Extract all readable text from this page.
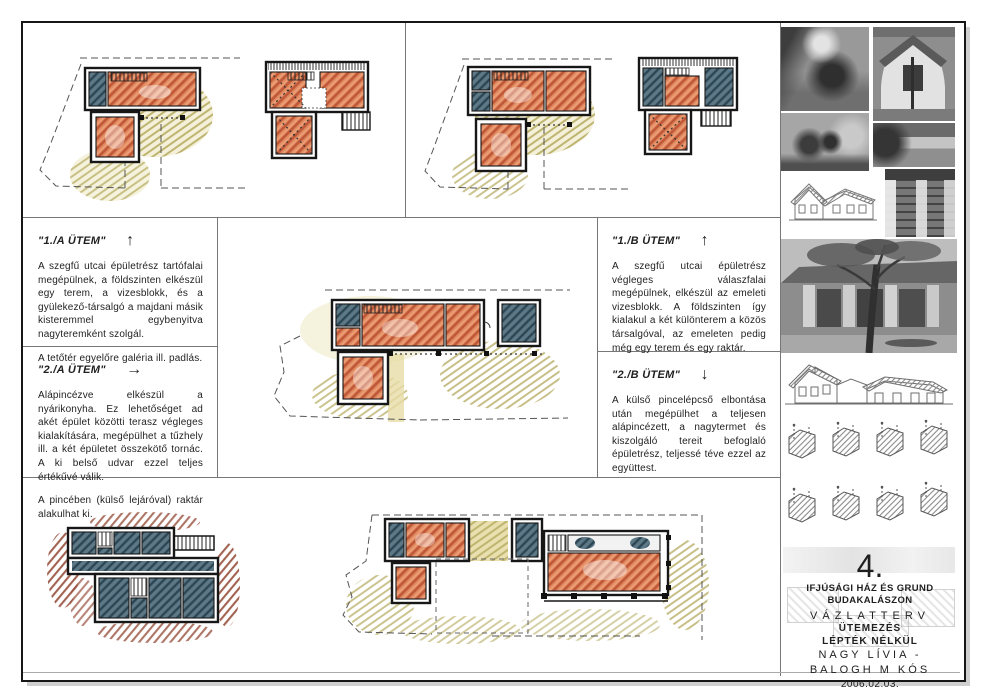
"1./A ÜTEM" ↑

A szegfű utcai épületrész tartófalai megépülnek, a földszinten elkészül egy terem, a vizesblokk, és a gyülekező-társalgó a majdani másik kisteremmel egybenyitva nagyteremként szolgál.

A tetőtér egyelőre galéria ill. padlás.

"2./A ÜTEM" →

Alápincézve elkészül a nyárikonyha. Ez lehetőséget ad akét épület közötti terasz végleges kialakítására, megépülhet a tűzhely ill. a két épületet összekötő tornác. A ki belső udvar ezzel teljes értékűvé válik.

A pincében (külső lejáróval) raktár alakulhat ki.

"1./B ÜTEM" ↑

A szegfű utcai épületrész végleges válaszfalai megépülnek, elkészül az emeleti vizesblokk. A földszinten így kialakul a két különterem a közös társalgóval, az emeleten pedig még egy terem és egy raktár.

"2./B ÜTEM" ↓

A külső pincelépcső elbontása után megépülhet a teljesen alápincézett, a nagytermet és kiszolgáló tereit befoglaló épületrész, teljessé téve ezzel az együttest.

4.
IFJÚSÁGI HÁZ ÉS GRUND
BUDAKALÁSZON
VÁZLATTERV
ÜTEMEZÉS
LÉPTÉK NÉLKÜL
NAGY LÍVIA -
BALOGH M KÓS
2006.02.03.
